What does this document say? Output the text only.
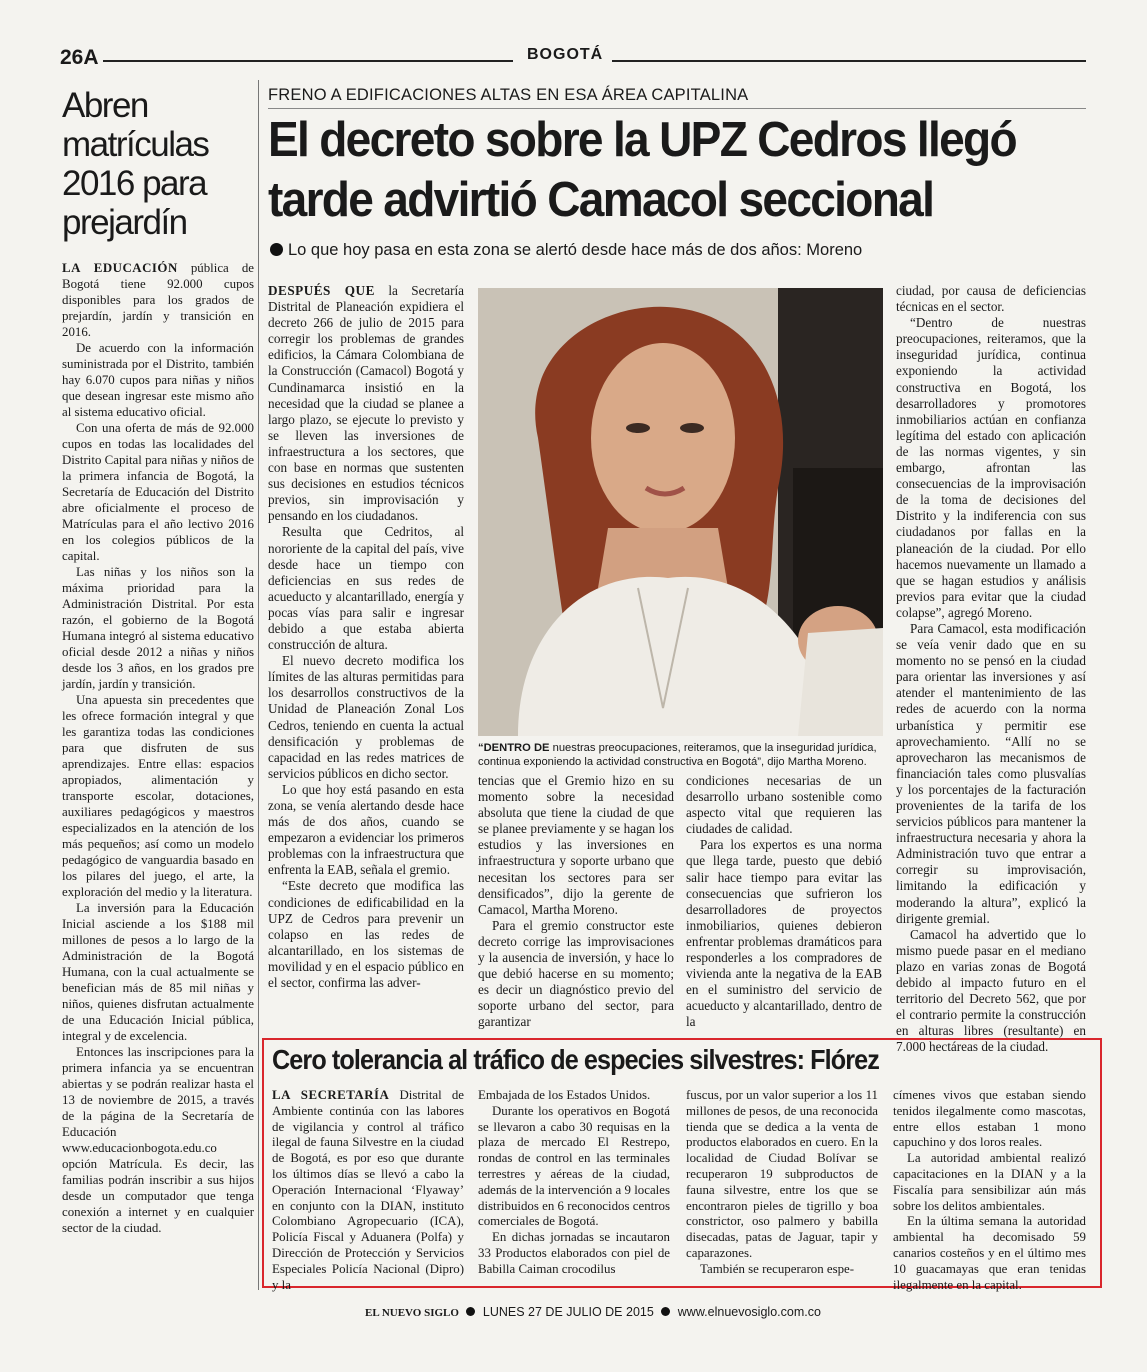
26A	BOGOTÁ
Abren
matrículas
2016 para
prejardín

LA EDUCACIÓN pública de Bogotá tiene 92.000 cupos disponibles para los grados de prejardín, jardín y transición en 2016.

De acuerdo con la información suministrada por el Distrito, también hay 6.070 cupos para niñas y niños que desean ingresar este mismo año al sistema educativo oficial.

Con una oferta de más de 92.000 cupos en todas las localidades del Distrito Capital para niñas y niños de la primera infancia de Bogotá, la Secretaría de Educación del Distrito abre oficialmente el proceso de Matrículas para el año lectivo 2016 en los colegios públicos de la capital.

Las niñas y los niños son la máxima prioridad para la Administración Distrital. Por esta razón, el gobierno de la Bogotá Humana integró al sistema educativo oficial desde 2012 a niñas y niños desde los 3 años, en los grados pre jardín, jardín y transición.

Una apuesta sin precedentes que les ofrece formación integral y que les garantiza todas las condiciones para que disfruten de sus aprendizajes. Entre ellas: espacios apropiados, alimentación y transporte escolar, dotaciones, auxiliares pedagógicos y maestros especializados en la atención de los más pequeños; así como un modelo pedagógico de vanguardia basado en los pilares del juego, el arte, la exploración del medio y la literatura.

La inversión para la Educación Inicial asciende a los $188 mil millones de pesos a lo largo de la Administración de la Bogotá Humana, con la cual actualmente se benefician más de 85 mil niñas y niños, quienes disfrutan actualmente de una Educación Inicial pública, integral y de excelencia.

Entonces las inscripciones para la primera infancia ya se encuentran abiertas y se podrán realizar hasta el 13 de noviembre de 2015, a través de la página de la Secretaría de Educación www.educacionbogota.edu.co opción Matrícula. Es decir, las familias podrán inscribir a sus hijos desde un computador que tenga conexión a internet y en cualquier sector de la ciudad.

FRENO A EDIFICACIONES ALTAS EN ESA ÁREA CAPITALINA
El decreto sobre la UPZ Cedros llegó
tarde advirtió Camacol seccional
Lo que hoy pasa en esta zona se alertó desde hace más de dos años: Moreno

DESPUÉS QUE la Secretaría Distrital de Planeación expidiera el decreto 266 de julio de 2015 para corregir los problemas de grandes edificios, la Cámara Colombiana de la Construcción (Camacol) Bogotá y Cundinamarca insistió en la necesidad que la ciudad se planee a largo plazo, se ejecute lo previsto y se lleven las inversiones de infraestructura a los sectores, que con base en normas que sustenten sus decisiones en estudios técnicos previos, sin improvisación y pensando en los ciudadanos.

Resulta que Cedritos, al nororiente de la capital del país, vive desde hace un tiempo con deficiencias en sus redes de acueducto y alcantarillado, energía y pocas vías para salir e ingresar debido a que estaba abierta construcción de altura.

El nuevo decreto modifica los límites de las alturas permitidas para los desarrollos constructivos de la Unidad de Planeación Zonal Los Cedros, teniendo en cuenta la actual densificación y problemas de capacidad en las redes matrices de servicios públicos en dicho sector.

Lo que hoy está pasando en esta zona, se venía alertando desde hace más de dos años, cuando se empezaron a evidenciar los primeros problemas con la infraestructura que enfrenta la EAB, señala el gremio.

“Este decreto que modifica las condiciones de edificabilidad en la UPZ de Cedros para prevenir un colapso en las redes de alcantarillado, en los sistemas de movilidad y en el espacio público en el sector, confirma las adver-

“DENTRO DE nuestras preocupaciones, reiteramos, que la inseguridad jurídica, continua exponiendo la actividad constructiva en Bogotá”, dijo Martha Moreno.

tencias que el Gremio hizo en su momento sobre la necesidad absoluta que tiene la ciudad de que se planee previamente y se hagan los estudios y las inversiones en infraestructura y soporte urbano que necesitan los sectores para ser densificados”, dijo la gerente de Camacol, Martha Moreno.

Para el gremio constructor este decreto corrige las improvisaciones y la ausencia de inversión, y hace lo que debió hacerse en su momento; es decir un diagnóstico previo del soporte urbano del sector, para garantizar

condiciones necesarias de un desarrollo urbano sostenible como aspecto vital que requieren las ciudades de calidad.

Para los expertos es una norma que llega tarde, puesto que debió salir hace tiempo para evitar las consecuencias que sufrieron los desarrolladores de proyectos inmobiliarios, quienes debieron enfrentar problemas dramáticos para responderles a los compradores de vivienda ante la negativa de la EAB en el suministro del servicio de acueducto y alcantarillado, dentro de la

ciudad, por causa de deficiencias técnicas en el sector.

“Dentro de nuestras preocupaciones, reiteramos, que la inseguridad jurídica, continua exponiendo la actividad constructiva en Bogotá, los desarrolladores y promotores inmobiliarios actúan en confianza legítima del estado con aplicación de las normas vigentes, y sin embargo, afrontan las consecuencias de la improvisación de la toma de decisiones del Distrito y la indiferencia con sus ciudadanos por fallas en la planeación de la ciudad. Por ello hacemos nuevamente un llamado a que se hagan estudios y análisis previos para evitar que la ciudad colapse”, agregó Moreno.

Para Camacol, esta modificación se veía venir dado que en su momento no se pensó en la ciudad para orientar las inversiones y así atender el mantenimiento de las redes de acuerdo con la norma urbanística y permitir ese aprovechamiento. “Allí no se aprovecharon las mecanismos de financiación tales como plusvalías y los porcentajes de la facturación provenientes de la tarifa de los servicios públicos para mantener la infraestructura necesaria y ahora la Administración tuvo que entrar a corregir su improvisación, limitando la edificación y moderando la altura”, explicó la dirigente gremial.

Camacol ha advertido que lo mismo puede pasar en el mediano plazo en varias zonas de Bogotá debido al impacto futuro en el territorio del Decreto 562, que por el contrario permite la construcción en alturas libres (resultante) en 7.000 hectáreas de la ciudad.

Cero tolerancia al tráfico de especies silvestres: Flórez

LA SECRETARÍA Distrital de Ambiente continúa con las labores de vigilancia y control al tráfico ilegal de fauna Silvestre en la ciudad de Bogotá, es por eso que durante los últimos días se llevó a cabo la Operación Internacional ‘Flyaway’ en conjunto con la DIAN, instituto Colombiano Agropecuario (ICA), Policía Fiscal y Aduanera (Polfa) y Dirección de Protección y Servicios Especiales Policía Nacional (Dipro) y la

Embajada de los Estados Unidos.

Durante los operativos en Bogotá se llevaron a cabo 30 requisas en la plaza de mercado El Restrepo, rondas de control en las terminales terrestres y aéreas de la ciudad, además de la intervención a 9 locales distribuidos en 6 reconocidos centros comerciales de Bogotá.

En dichas jornadas se incautaron 33 Productos elaborados con piel de Babilla Caiman crocodilus

fuscus, por un valor superior a los 11 millones de pesos, de una reconocida tienda que se dedica a la venta de productos elaborados en cuero. En la localidad de Ciudad Bolívar se recuperaron 19 subproductos de fauna silvestre, entre los que se encontraron pieles de tigrillo y boa constrictor, oso palmero y babilla disecadas, patas de Jaguar, tapir y caparazones.

También se recuperaron espe-

címenes vivos que estaban siendo tenidos ilegalmente como mascotas, entre ellos estaban 1 mono capuchino y dos loros reales.

La autoridad ambiental realizó capacitaciones en la DIAN y a la Fiscalía para sensibilizar aún más sobre los delitos ambientales.

En la última semana la autoridad ambiental ha decomisado 59 canarios costeños y en el último mes 10 guacamayas que eran tenidas ilegalmente en la capital.

EL NUEVO SIGLO LUNES 27 DE JULIO DE 2015 www.elnuevosiglo.com.co
